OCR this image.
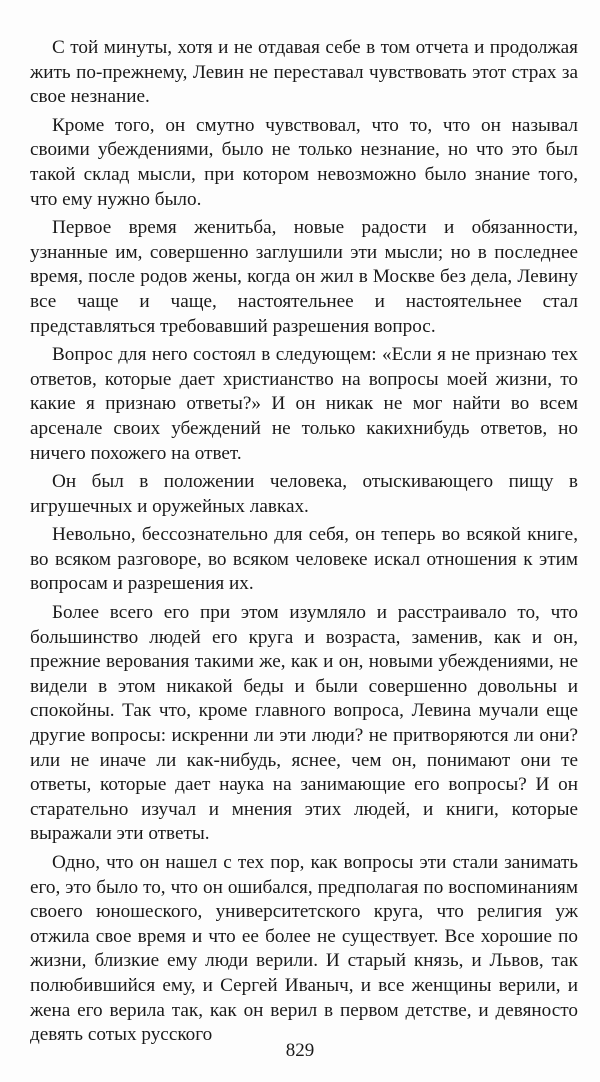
С той минуты, хотя и не отдавая себе в том отчета и продолжая жить по-прежнему, Левин не переставал чувствовать этот страх за свое незнание.

Кроме того, он смутно чувствовал, что то, что он называл своими убеждениями, было не только незнание, но что это был такой склад мысли, при котором невозможно было знание того, что ему нужно было.

Первое время женитьба, новые радости и обязанности, узнанные им, совершенно заглушили эти мысли; но в последнее время, после родов жены, когда он жил в Москве без дела, Левину все чаще и чаще, настоятельнее и настоятельнее стал представляться требовавший разрешения вопрос.

Вопрос для него состоял в следующем: «Если я не признаю тех ответов, которые дает христианство на вопросы моей жизни, то какие я признаю ответы?» И он никак не мог найти во всем арсенале своих убеждений не только какихнибудь ответов, но ничего похожего на ответ.

Он был в положении человека, отыскивающего пищу в игрушечных и оружейных лавках.

Невольно, бессознательно для себя, он теперь во всякой книге, во всяком разговоре, во всяком человеке искал отношения к этим вопросам и разрешения их.

Более всего его при этом изумляло и расстраивало то, что большинство людей его круга и возраста, заменив, как и он, прежние верования такими же, как и он, новыми убеждениями, не видели в этом никакой беды и были совершенно довольны и спокойны. Так что, кроме главного вопроса, Левина мучали еще другие вопросы: искренни ли эти люди? не притворяются ли они? или не иначе ли как-нибудь, яснее, чем он, понимают они те ответы, которые дает наука на занимающие его вопросы? И он старательно изучал и мнения этих людей, и книги, которые выражали эти ответы.

Одно, что он нашел с тех пор, как вопросы эти стали занимать его, это было то, что он ошибался, предполагая по воспоминаниям своего юношеского, университетского круга, что религия уж отжила свое время и что ее более не существует. Все хорошие по жизни, близкие ему люди верили. И старый князь, и Львов, так полюбившийся ему, и Сергей Иваныч, и все женщины верили, и жена его верила так, как он верил в первом детстве, и девяносто девять сотых русского

829
